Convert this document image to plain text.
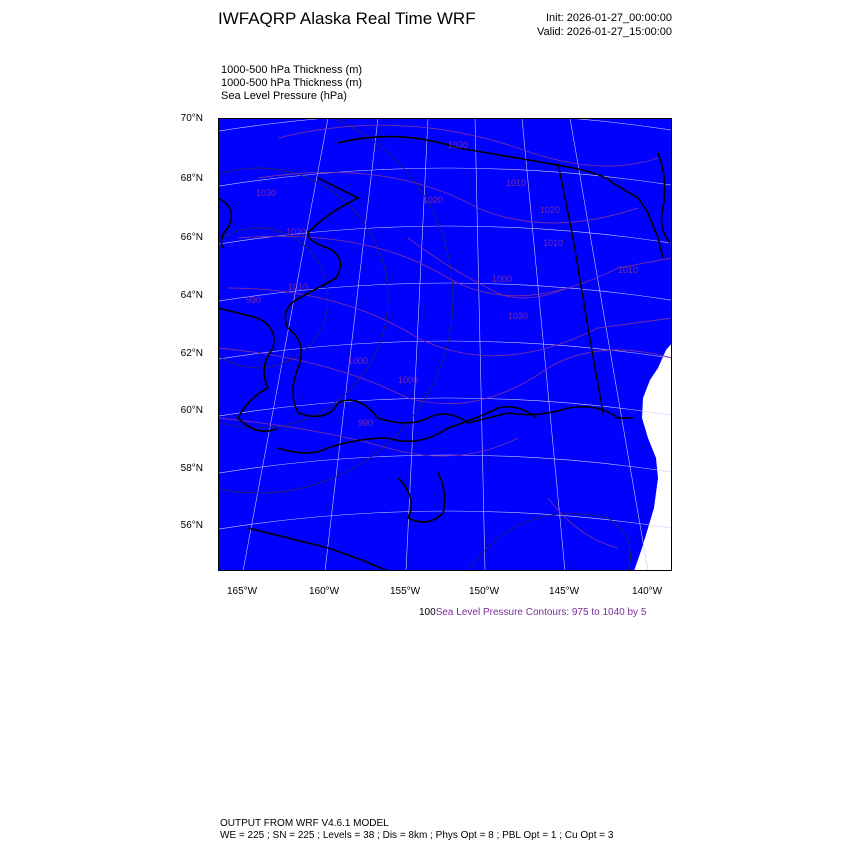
IWFAQRP Alaska Real Time WRF	Init: 2026-01-27_00:00:00
Valid: 2026-01-27_15:00:00
1000-500 hPa Thickness (m)
1000-500 hPa Thickness (m)
Sea Level Pressure (hPa)
70°N
68°N
66°N
64°N
62°N
60°N
58°N
56°N
165°W	160°W	155°W	150°W	145°W	140°W
1030
1030
1020
1020
1020
1010
1010
1010
1010
1000
1000
1000
990
990
1030
100Sea Level Pressure Contours: 975 to 1040 by 5
OUTPUT FROM WRF V4.6.1 MODEL
WE = 225 ; SN = 225 ; Levels = 38 ; Dis = 8km ; Phys Opt = 8 ; PBL Opt = 1 ; Cu Opt = 3
